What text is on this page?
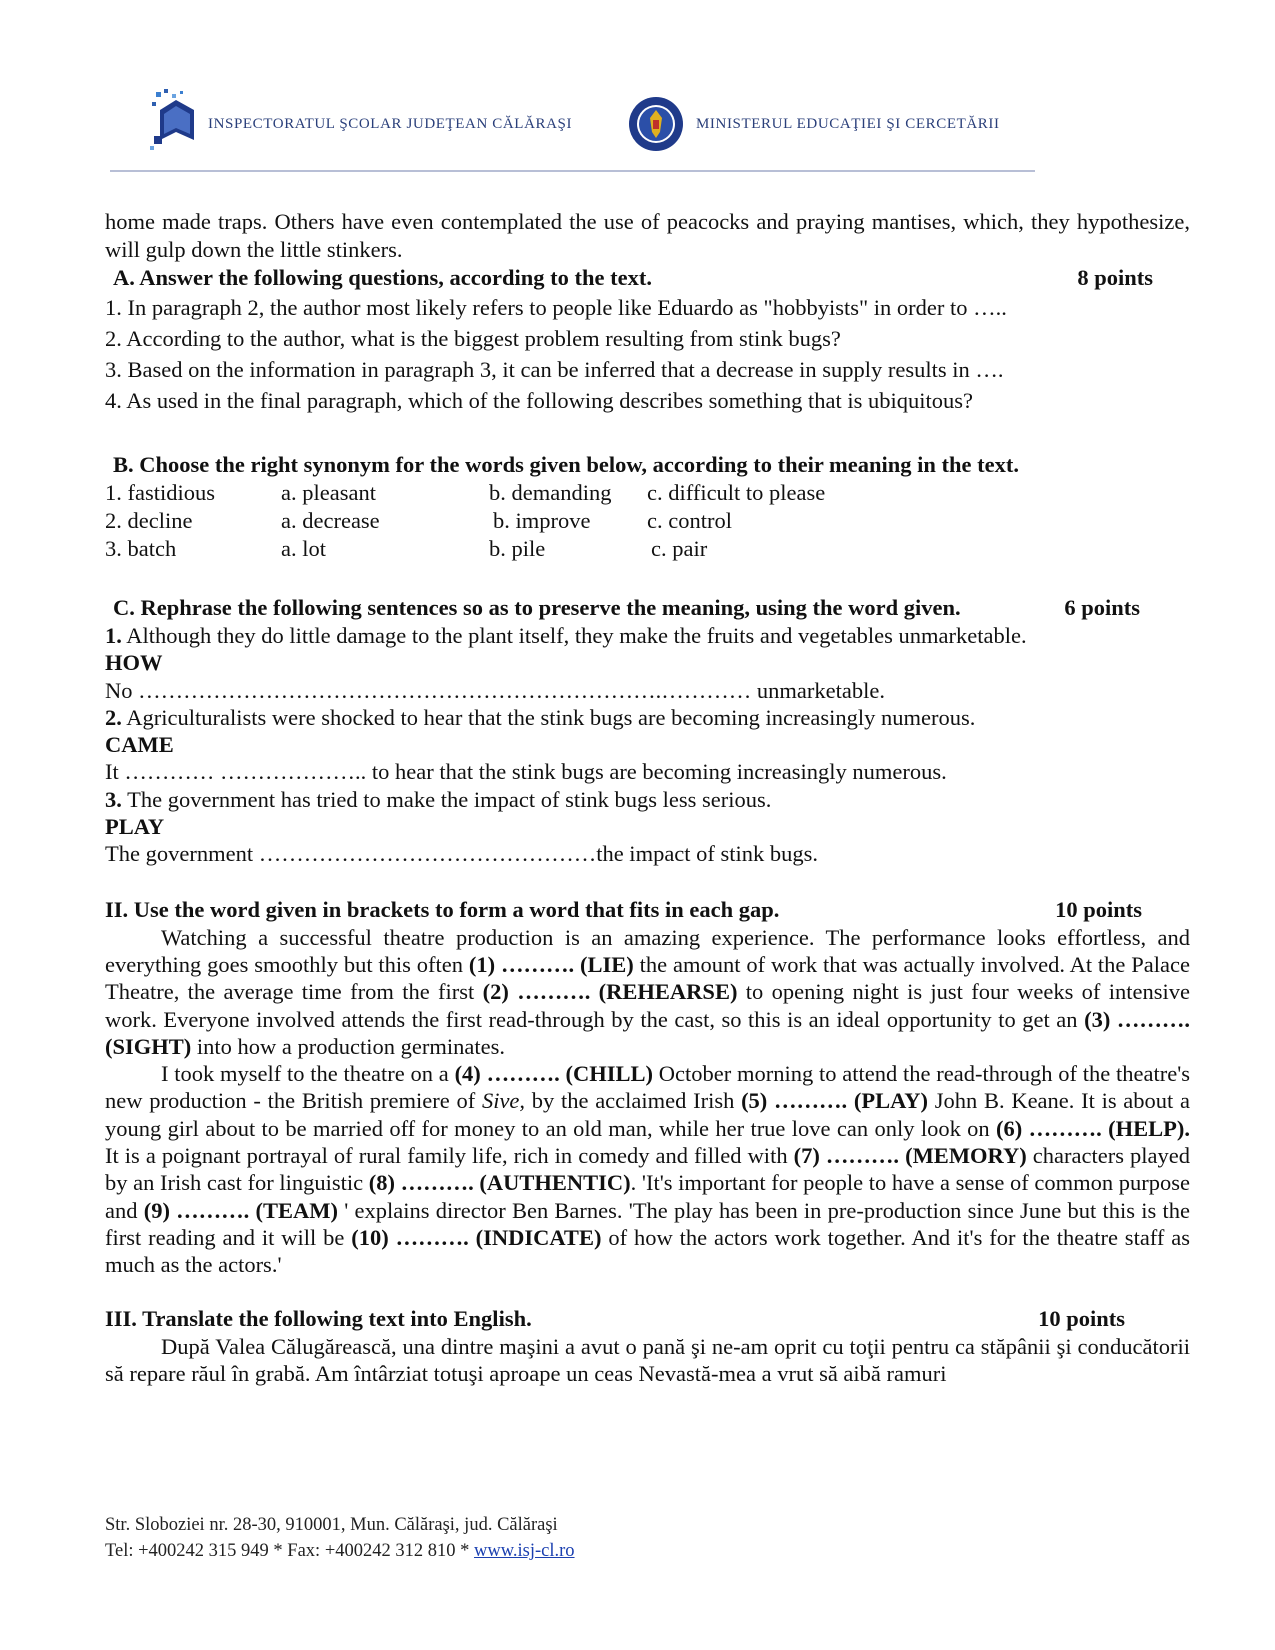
INSPECTORATUL ŞCOLAR JUDEŢEAN CĂLĂRAŞI	MINISTERUL EDUCAŢIEI ŞI CERCETĂRII
home made traps. Others have even contemplated the use of peacocks and praying mantises, which, they hypothesize, will gulp down the little stinkers.
A. Answer the following questions, according to the text.	8 points
1. In paragraph 2, the author most likely refers to people like Eduardo as "hobbyists" in order to …..
2. According to the author, what is the biggest problem resulting from stink bugs?
3. Based on the information in paragraph 3, it can be inferred that a decrease in supply results in ….
4. As used in the final paragraph, which of the following describes something that is ubiquitous?
B. Choose the right synonym for the words given below, according to their meaning in the text.
1. fastidious	a. pleasant	b. demanding	c. difficult to please
2. decline	a. decrease	b. improve	c. control
3. batch	a. lot	b. pile	c. pair
C. Rephrase the following sentences so as to preserve the meaning, using the word given.	6 points
1. Although they do little damage to the plant itself, they make the fruits and vegetables unmarketable.
HOW
No …………………………………………………………….………… unmarketable.
2. Agriculturalists were shocked to hear that the stink bugs are becoming increasingly numerous.
CAME
It ………… ……………….. to hear that the stink bugs are becoming increasingly numerous.
3. The government has tried to make the impact of stink bugs less serious.
PLAY
The government ………………………………………the impact of stink bugs.
II. Use the word given in brackets to form a word that fits in each gap.	10 points
Watching a successful theatre production is an amazing experience. The performance looks effortless, and everything goes smoothly but this often (1) ………. (LIE) the amount of work that was actually involved. At the Palace Theatre, the average time from the first (2) ………. (REHEARSE) to opening night is just four weeks of intensive work. Everyone involved attends the first read-through by the cast, so this is an ideal opportunity to get an (3) ………. (SIGHT) into how a production germinates.
I took myself to the theatre on a (4) ………. (CHILL) October morning to attend the read-through of the theatre's new production - the British premiere of Sive, by the acclaimed Irish (5) ………. (PLAY) John B. Keane. It is about a young girl about to be married off for money to an old man, while her true love can only look on (6) ………. (HELP). It is a poignant portrayal of rural family life, rich in comedy and filled with (7) ………. (MEMORY) characters played by an Irish cast for linguistic (8) ………. (AUTHENTIC). 'It's important for people to have a sense of common purpose and (9) ………. (TEAM) ' explains director Ben Barnes. 'The play has been in pre-production since June but this is the first reading and it will be (10) ………. (INDICATE) of how the actors work together. And it's for the theatre staff as much as the actors.'
III. Translate the following text into English.	10 points
După Valea Călugărească, una dintre maşini a avut o pană şi ne-am oprit cu toţii pentru ca stăpânii şi conducătorii să repare răul în grabă. Am întârziat totuşi aproape un ceas Nevastă-mea a vrut să aibă ramuri
Str. Sloboziei nr. 28-30, 910001, Mun. Călăraşi, jud. Călăraşi
Tel: +400242 315 949 * Fax: +400242 312 810 * www.isj-cl.ro
